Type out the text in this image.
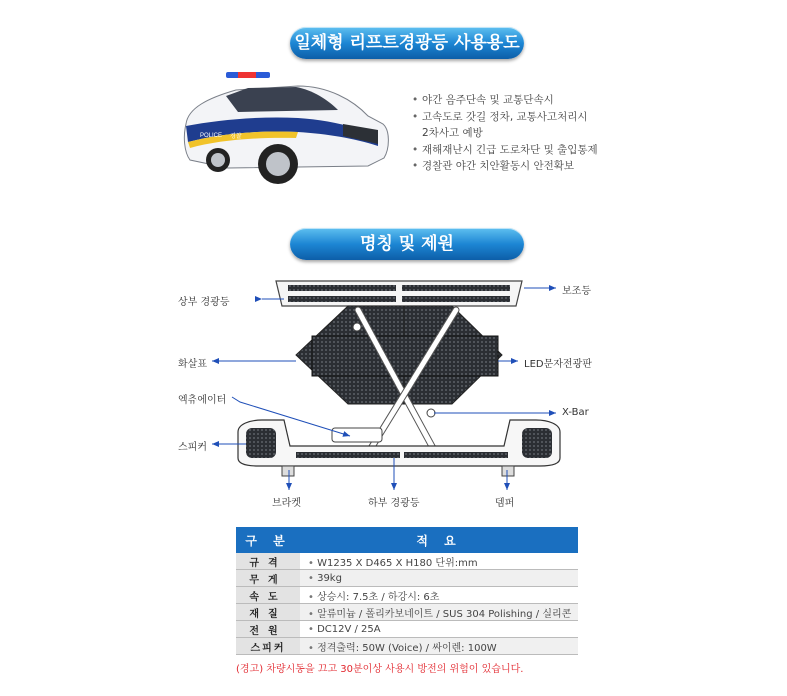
일체형 리프트경광등 사용용도
POLICE 경찰
• 야간 음주단속 및 교통단속시
• 고속도로 갓길 정차, 교통사고처리시
2차사고 예방
• 재해재난시 긴급 도로차단 및 출입통제
• 경찰관 야간 치안활동시 안전확보
명칭 및 제원
상부 경광등
보조등
화살표	LED문자전광판
엑츄에이터
X-Bar
스피커
브라켓	하부 경광등	뎀퍼
구 분	적 요
규격	• W1235 X D465 X H180 단위:mm
무게	• 39kg
속도	• 상승시: 7.5초 / 하강시: 6초
재질	• 알류미늄 / 폴리카보네이트 / SUS 304 Polishing / 실리콘
전원	• DC12V / 25A
스피커	• 정격출력: 50W (Voice) / 싸이렌: 100W
(경고) 차량시동을 끄고 30분이상 사용시 방전의 위험이 있습니다.
